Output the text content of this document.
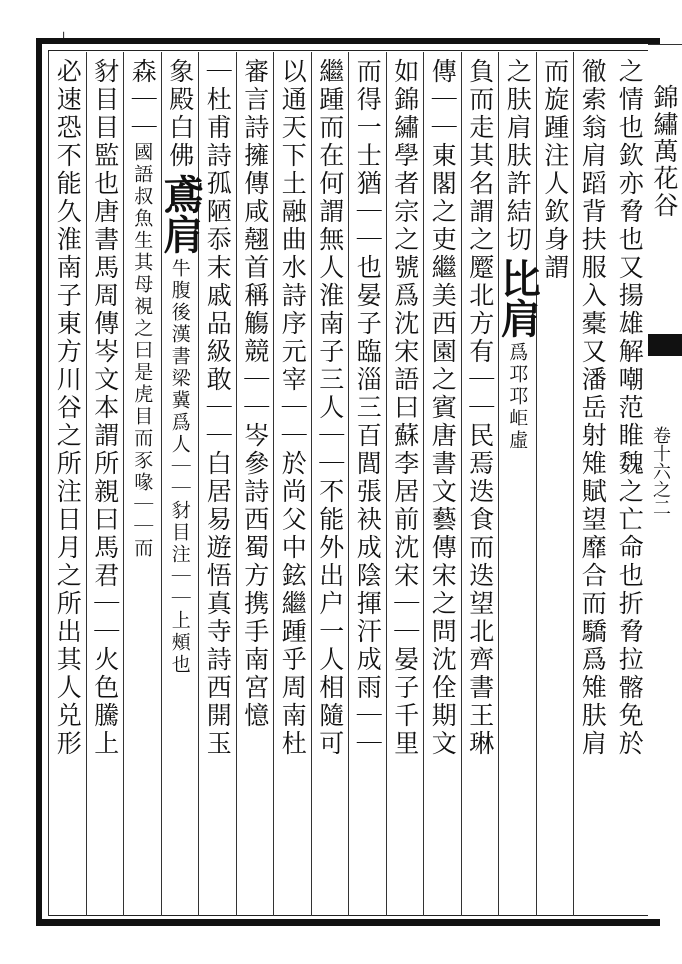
⊥
錦繡萬花谷
卷十六之二
之情也欽亦脅也又揚雄解嘲范睢魏之亡命也折脅拉髂免於
徹索翁肩蹈背扶服入橐又潘岳射雉賦望靡合而驕爲雉肤肩
而旋踵注人欽身謂
之肤肩肤許結切
比肩
爲邛邛岠虛
負而走其名謂之蹷北方有｜｜民焉迭食而迭望北齊書王琳
傳｜｜東閣之吏繼美西園之賓唐書文藝傳宋之問沈佺期文
如錦繡學者宗之號爲沈宋語曰蘇李居前沈宋｜｜晏子千里
而得一士猶｜｜也晏子臨淄三百閭張袂成陰揮汗成雨｜｜
繼踵而在何謂無人淮南子三人｜｜不能外出户一人相隨可
以通天下土融曲水詩序元宰｜｜於尚父中鉉繼踵乎周南杜
審言詩擁傳咸翹首稱觴競｜｜岑參詩西蜀方携手南宮憶
｜杜甫詩孤陋忝末戚品級敢｜｜白居易遊悟真寺詩西開玉
象殿白佛
鳶肩
牛腹後漢書梁冀爲人｜｜豺目注｜｜上頰也
森｜｜
國語叔魚生其母視之曰是虎目而豕喙｜｜而
豺目目監也唐書馬周傳岑文本謂所親曰馬君｜｜火色騰上
必速恐不能久淮南子東方川谷之所注日月之所出其人兑形
